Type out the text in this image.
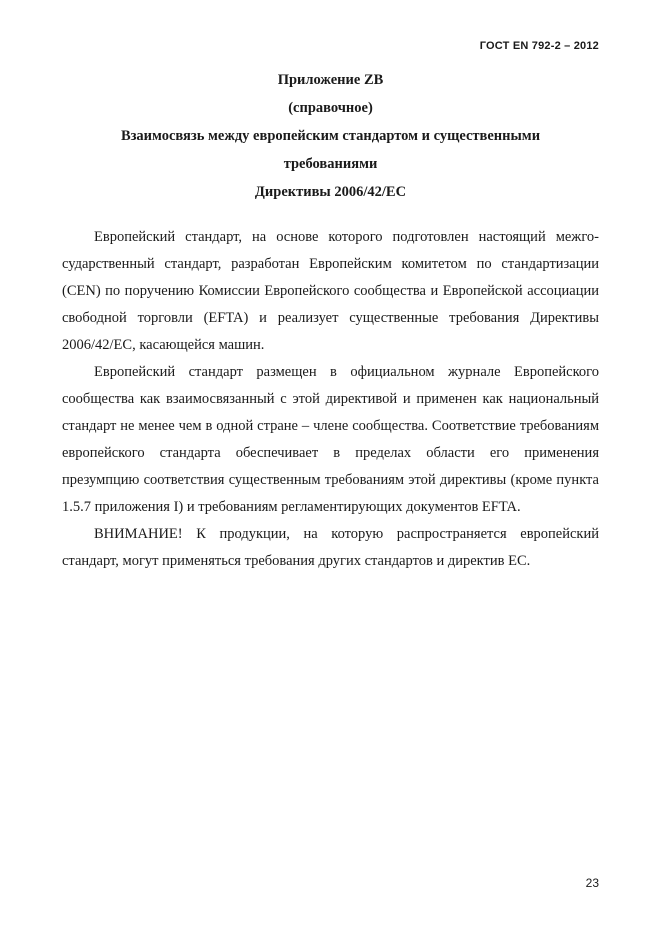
ГОСТ EN 792-2 – 2012
Приложение ZB
(справочное)
Взаимосвязь между европейским стандартом и существенными
требованиями
Директивы 2006/42/ЕС

Европейский стандарт, на основе которого подготовлен настоящий межгосударственный стандарт, разработан Европейским комитетом по стандартизации (CEN) по поручению Комиссии Европейского сообщества и Европейской ассоциации свободной торговли (EFTA) и реализует существенные требования Директивы 2006/42/ЕС, касающейся машин.

Европейский стандарт размещен в официальном журнале Европейского сообщества как взаимосвязанный с этой директивой и применен как национальный стандарт не менее чем в одной стране – члене сообщества. Соответствие требованиям европейского стандарта обеспечивает в пределах области его применения презумпцию соответствия существенным требованиям этой директивы (кроме пункта 1.5.7 приложения I) и требованиям регламентирующих документов EFTA.

ВНИМАНИЕ! К продукции, на которую распространяется европейский стандарт, могут применяться требования других стандартов и директив ЕС.

23
